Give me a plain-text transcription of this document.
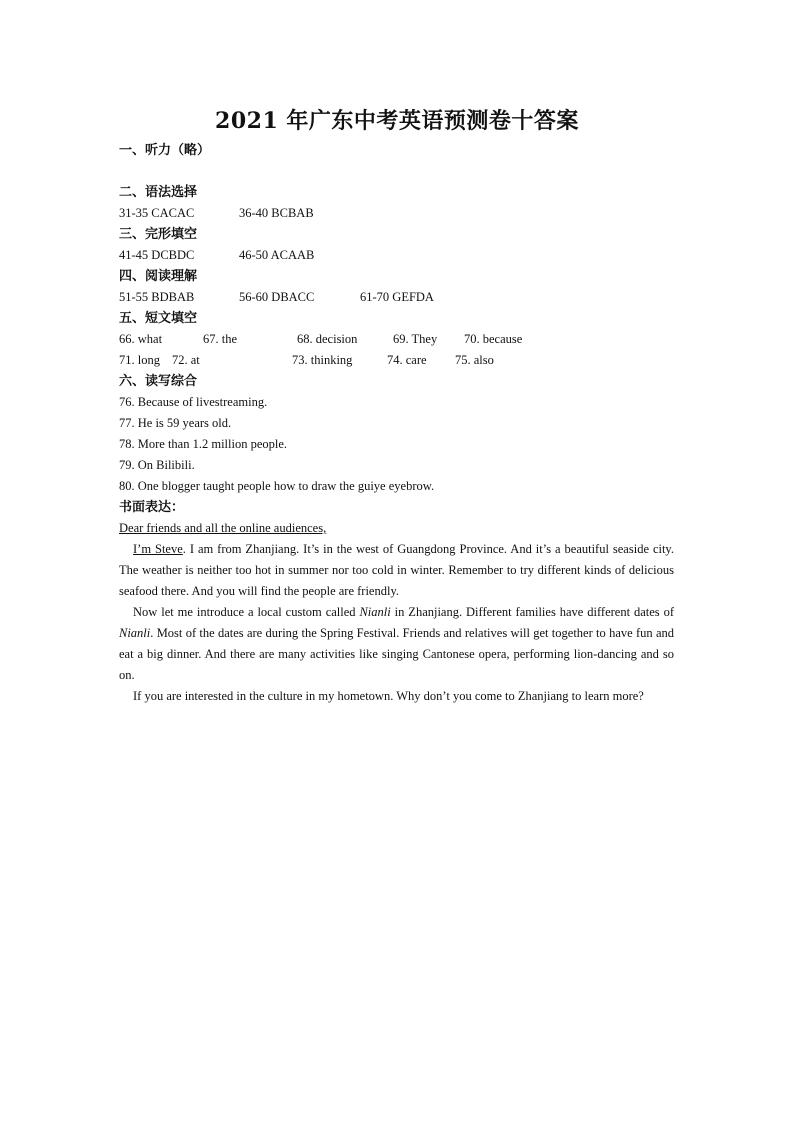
2021 年广东中考英语预测卷十答案
一、听力（略）
二、语法选择
31-35 CACAC	36-40 BCBAB
三、完形填空
41-45 DCBDC	46-50 ACAAB
四、阅读理解
51-55 BDBAB	56-60 DBACC	61-70 GEFDA
五、短文填空
66. what	67. the	68. decision	69. They 70. because
71. long 72. at	73. thinking	74. care 75. also
六、读写综合
76. Because of livestreaming.
77. He is 59 years old.
78. More than 1.2 million people.
79. On Bilibili.
80. One blogger taught people how to draw the guiye eyebrow.
书面表达：
Dear friends and all the online audiences,
I’m Steve. I am from Zhanjiang. It’s in the west of Guangdong Province. And it’s a beautiful seaside city. The weather is neither too hot in summer nor too cold in winter. Remember to try different kinds of delicious seafood there. And you will find the people are friendly.
Now let me introduce a local custom called Nianli in Zhanjiang. Different families have different dates of Nianli. Most of the dates are during the Spring Festival. Friends and relatives will get together to have fun and eat a big dinner. And there are many activities like singing Cantonese opera, performing lion-dancing and so on.
If you are interested in the culture in my hometown. Why don’t you come to Zhanjiang to learn more?
